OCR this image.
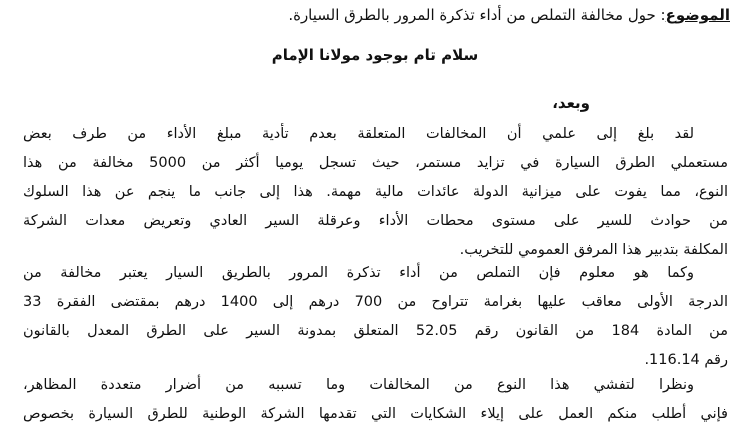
الموضوع: حول مخالفة التملص من أداء تذكرة المرور بالطرق السيارة.
سلام تام بوجود مولانا الإمام
وبعد،
لقد بلغ إلى علمي أن المخالفات المتعلقة بعدم تأدية مبلغ الأداء من طرف بعض
مستعملي الطرق السيارة في تزايد مستمر، حيث تسجل يوميا أكثر من 5000 مخالفة من هذا
النوع، مما يفوت على ميزانية الدولة عائدات مالية مهمة. هذا إلى جانب ما ينجم عن هذا السلوك
من حوادث للسير على مستوى محطات الأداء وعرقلة السير العادي وتعريض معدات الشركة
المكلفة بتدبير هذا المرفق العمومي للتخريب.
وكما هو معلوم فإن التملص من أداء تذكرة المرور بالطريق السيار يعتبر مخالفة من
الدرجة الأولى معاقب عليها بغرامة تتراوح من 700 درهم إلى 1400 درهم بمقتضى الفقرة 33
من المادة 184 من القانون رقم 52.05 المتعلق بمدونة السير على الطرق المعدل بالقانون
رقم 116.14.
ونظرا لتفشي هذا النوع من المخالفات وما تسببه من أضرار متعددة المظاهر،
فإني أطلب منكم العمل على إيلاء الشكايات التي تقدمها الشركة الوطنية للطرق السيارة بخصوص
